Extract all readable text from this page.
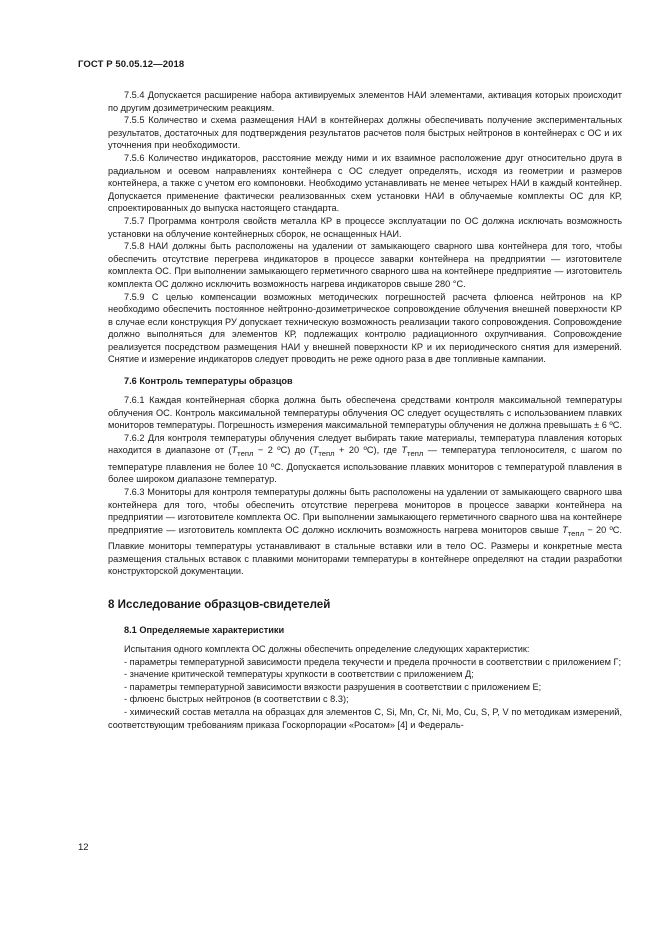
ГОСТ Р 50.05.12—2018

7.5.4 Допускается расширение набора активируемых элементов НАИ элементами, активация которых происходит по другим дозиметрическим реакциям.

7.5.5 Количество и схема размещения НАИ в контейнерах должны обеспечивать получение экспериментальных результатов, достаточных для подтверждения результатов расчетов поля быстрых нейтронов в контейнерах с ОС и их уточнения при необходимости.

7.5.6 Количество индикаторов, расстояние между ними и их взаимное расположение друг относительно друга в радиальном и осевом направлениях контейнера с ОС следует определять, исходя из геометрии и размеров контейнера, а также с учетом его компоновки. Необходимо устанавливать не менее четырех НАИ в каждый контейнер. Допускается применение фактически реализованных схем установки НАИ в облучаемые комплекты ОС для КР, спроектированных до выпуска настоящего стандарта.

7.5.7 Программа контроля свойств металла КР в процессе эксплуатации по ОС должна исключать возможность установки на облучение контейнерных сборок, не оснащенных НАИ.

7.5.8 НАИ должны быть расположены на удалении от замыкающего сварного шва контейнера для того, чтобы обеспечить отсутствие перегрева индикаторов в процессе заварки контейнера на предприятии — изготовителе комплекта ОС. При выполнении замыкающего герметичного сварного шва на контейнере предприятие — изготовитель комплекта ОС должно исключить возможность нагрева индикаторов свыше 280 °С.

7.5.9 С целью компенсации возможных методических погрешностей расчета флюенса нейтронов на КР необходимо обеспечить постоянное нейтронно-дозиметрическое сопровождение облучения внешней поверхности КР в случае если конструкция РУ допускает техническую возможность реализации такого сопровождения. Сопровождение должно выполняться для элементов КР, подлежащих контролю радиационного охрупчивания. Сопровождение реализуется посредством размещения НАИ у внешней поверхности КР и их периодического снятия для измерений. Снятие и измерение индикаторов следует проводить не реже одного раза в две топливные кампании.

7.6 Контроль температуры образцов

7.6.1 Каждая контейнерная сборка должна быть обеспечена средствами контроля максимальной температуры облучения ОС. Контроль максимальной температуры облучения ОС следует осуществлять с использованием плавких мониторов температуры. Погрешность измерения максимальной температуры облучения не должна превышать ± 6 ºС.

7.6.2 Для контроля температуры облучения следует выбирать такие материалы, температура плавления которых находится в диапазоне от ($T_{тепл} - 2$ ºС) до ($T_{тепл} + 20$ ºС), где $T_{тепл}$ — температура теплоносителя, с шагом по температуре плавления не более 10 ºС. Допускается использование плавких мониторов с температурой плавления в более широком диапазоне температур.

7.6.3 Мониторы для контроля температуры должны быть расположены на удалении от замыкающего сварного шва контейнера для того, чтобы обеспечить отсутствие перегрева мониторов в процессе заварки контейнера на предприятии — изготовителе комплекта ОС. При выполнении замыкающего герметичного сварного шва на контейнере предприятие — изготовитель комплекта ОС должно исключить возможность нагрева мониторов свыше $T_{тепл} - 20$ ºС. Плавкие мониторы температуры устанавливают в стальные вставки или в тело ОС. Размеры и конкретные места размещения стальных вставок с плавкими мониторами температуры в контейнере определяют на стадии разработки конструкторской документации.

8 Исследование образцов-свидетелей
8.1 Определяемые характеристики

Испытания одного комплекта ОС должны обеспечить определение следующих характеристик:

- параметры температурной зависимости предела текучести и предела прочности в соответствии с приложением Г;

- значение критической температуры хрупкости в соответствии с приложением Д;

- параметры температурной зависимости вязкости разрушения в соответствии с приложением Е;

- флюенс быстрых нейтронов (в соответствии с 8.3);

- химический состав металла на образцах для элементов C, Si, Mn, Cr, Ni, Mo, Cu, S, P, V по методикам измерений, соответствующим требованиям приказа Госкорпорации «Росатом» [4] и Федераль-

12
